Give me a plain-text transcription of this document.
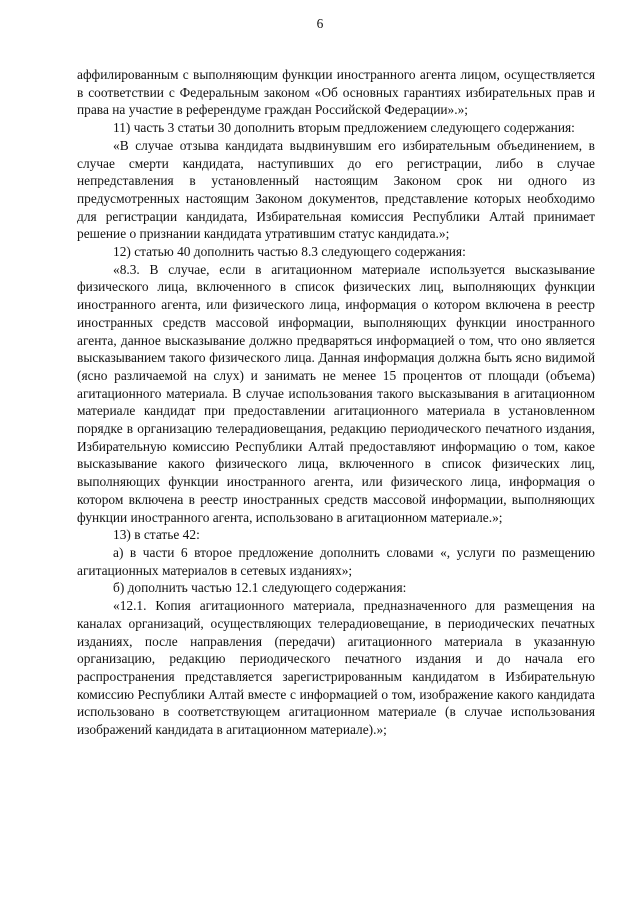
6

аффилированным с выполняющим функции иностранного агента лицом, осуществляется в соответствии с Федеральным законом «Об основных гарантиях избирательных прав и права на участие в референдуме граждан Российской Федерации».»;

11) часть 3 статьи 30 дополнить вторым предложением следующего содержания:

«В случае отзыва кандидата выдвинувшим его избирательным объединением, в случае смерти кандидата, наступивших до его регистрации, либо в случае непредставления в установленный настоящим Законом срок ни одного из предусмотренных настоящим Законом документов, представление которых необходимо для регистрации кандидата, Избирательная комиссия Республики Алтай принимает решение о признании кандидата утратившим статус кандидата.»;

12) статью 40 дополнить частью 8.3 следующего содержания:

«8.3. В случае, если в агитационном материале используется высказывание физического лица, включенного в список физических лиц, выполняющих функции иностранного агента, или физического лица, информация о котором включена в реестр иностранных средств массовой информации, выполняющих функции иностранного агента, данное высказывание должно предваряться информацией о том, что оно является высказыванием такого физического лица. Данная информация должна быть ясно видимой (ясно различаемой на слух) и занимать не менее 15 процентов от площади (объема) агитационного материала. В случае использования такого высказывания в агитационном материале кандидат при предоставлении агитационного материала в установленном порядке в организацию телерадиовещания, редакцию периодического печатного издания, Избирательную комиссию Республики Алтай предоставляют информацию о том, какое высказывание какого физического лица, включенного в список физических лиц, выполняющих функции иностранного агента, или физического лица, информация о котором включена в реестр иностранных средств массовой информации, выполняющих функции иностранного агента, использовано в агитационном материале.»;

13) в статье 42:

а) в части 6 второе предложение дополнить словами «, услуги по размещению агитационных материалов в сетевых изданиях»;

б) дополнить частью 12.1 следующего содержания:

«12.1. Копия агитационного материала, предназначенного для размещения на каналах организаций, осуществляющих телерадиовещание, в периодических печатных изданиях, после направления (передачи) агитационного материала в указанную организацию, редакцию периодического печатного издания и до начала его распространения представляется зарегистрированным кандидатом в Избирательную комиссию Республики Алтай вместе с информацией о том, изображение какого кандидата использовано в соответствующем агитационном материале (в случае использования изображений кандидата в агитационном материале).»;
